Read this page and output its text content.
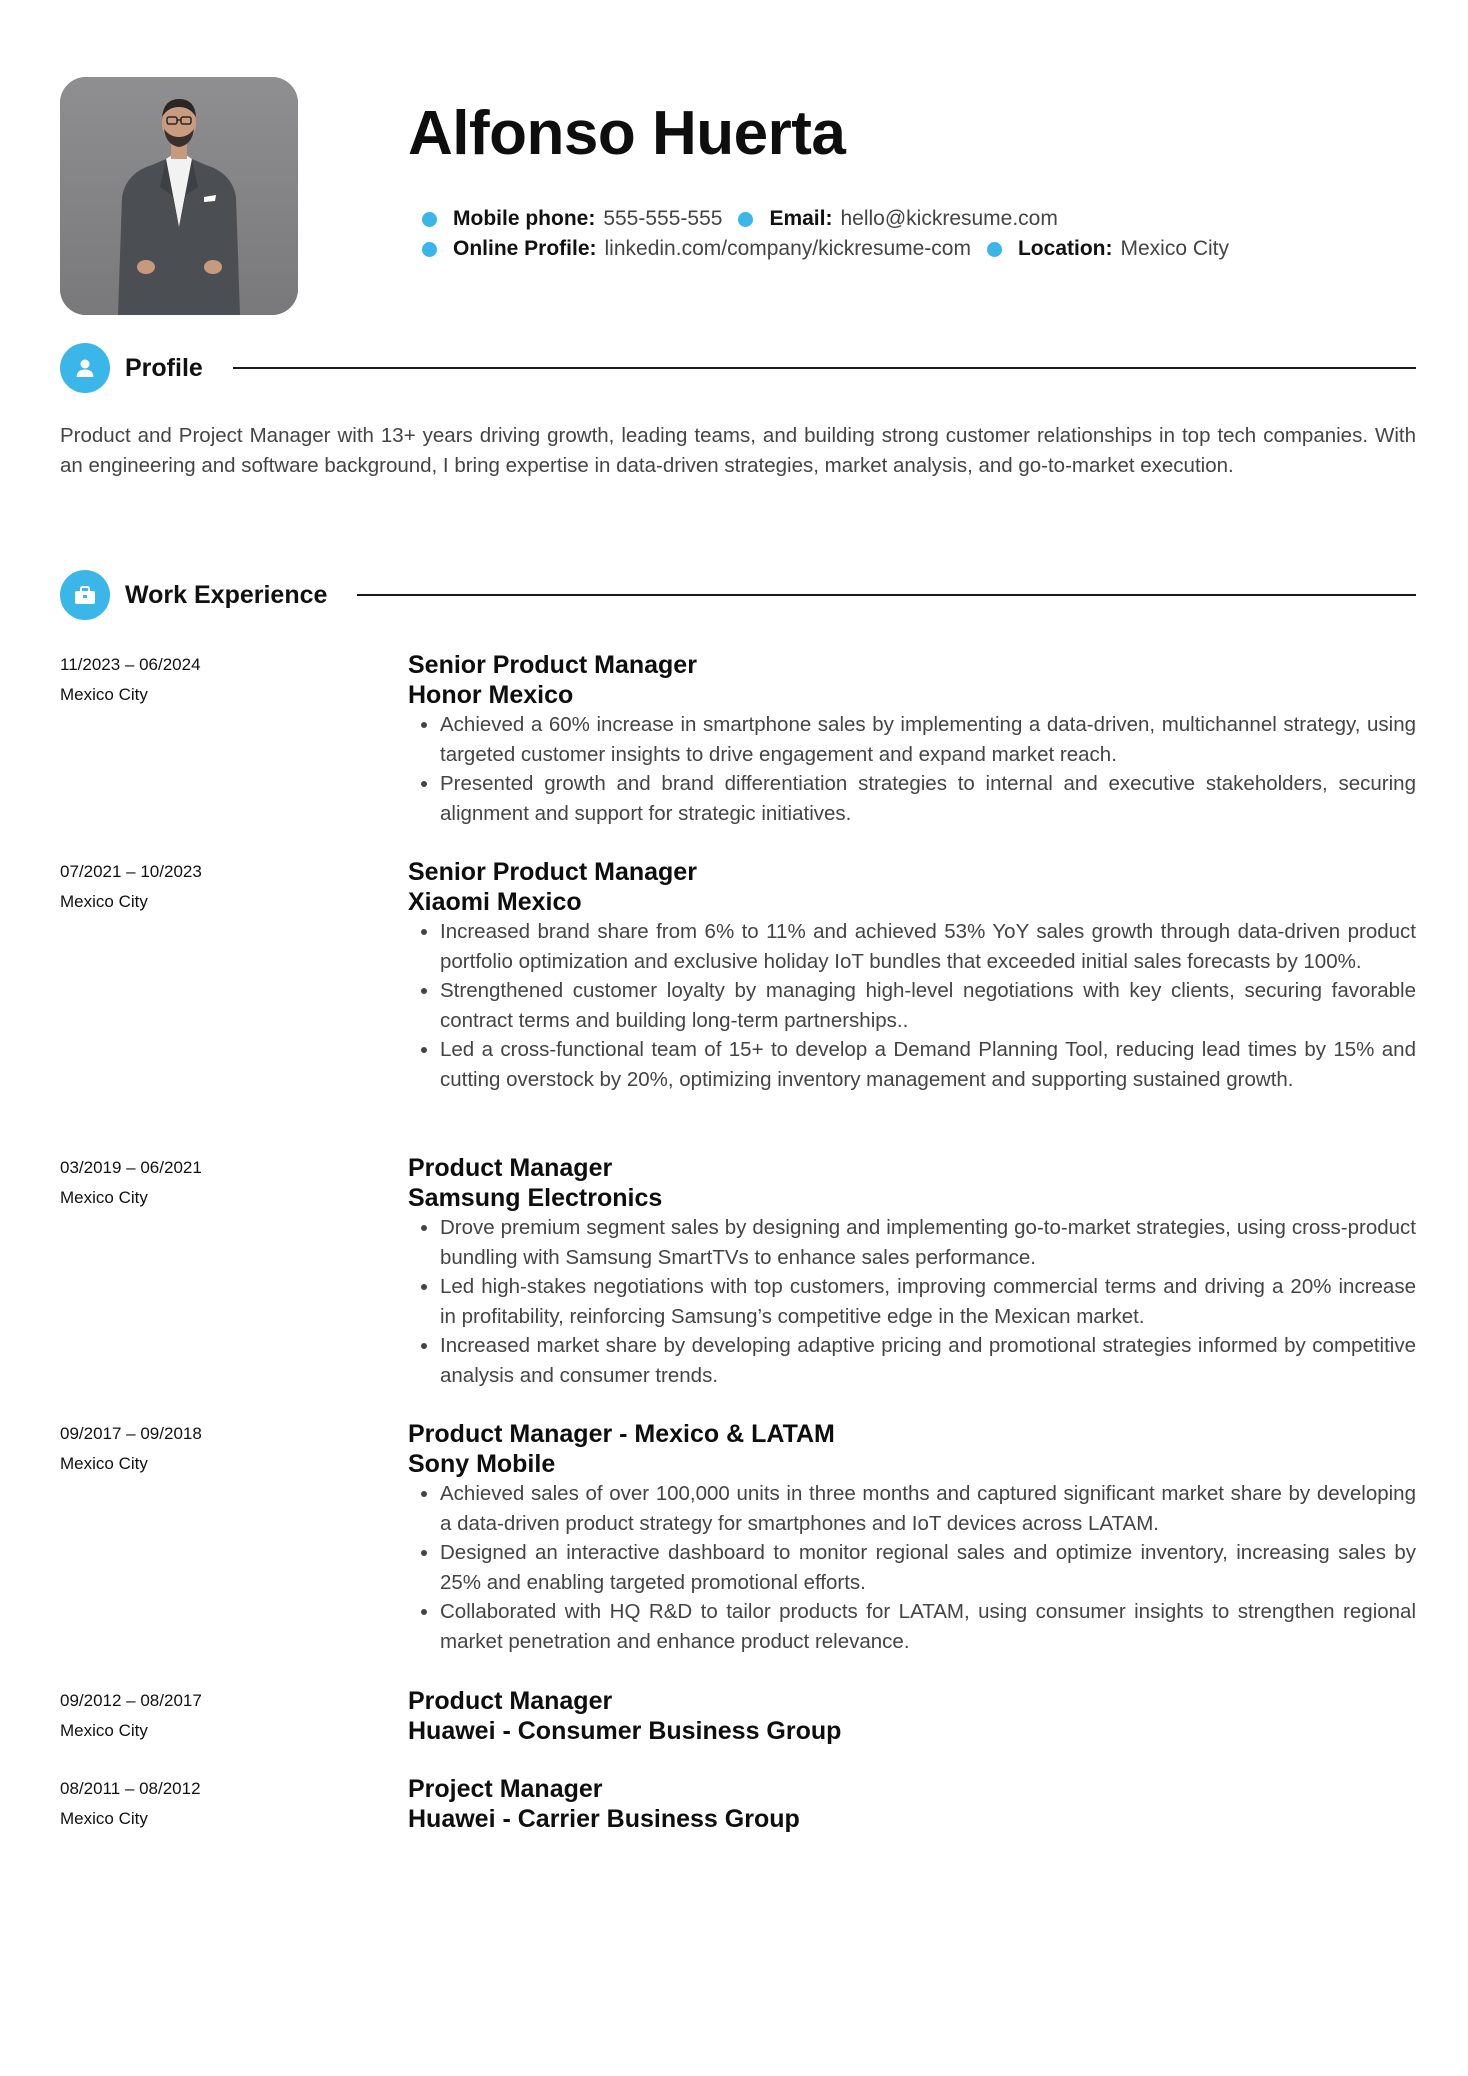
Alfonso Huerta
Mobile phone: 555-555-555 Email: hello@kickresume.com
Online Profile: linkedin.com/company/kickresume-com Location: Mexico City
Profile

Product and Project Manager with 13+ years driving growth, leading teams, and building strong customer relationships in top tech companies. With an engineering and software background, I bring expertise in data-driven strategies, market analysis, and go-to-market execution.

Work Experience
11/2023 – 06/2024
Mexico City
Senior Product Manager
Honor Mexico
• Achieved a 60% increase in smartphone sales by implementing a data-driven, multichannel strategy, using targeted customer insights to drive engagement and expand market reach.
• Presented growth and brand differentiation strategies to internal and executive stakeholders, securing alignment and support for strategic initiatives.
07/2021 – 10/2023
Mexico City
Senior Product Manager
Xiaomi Mexico
• Increased brand share from 6% to 11% and achieved 53% YoY sales growth through data-driven product portfolio optimization and exclusive holiday IoT bundles that exceeded initial sales forecasts by 100%.
• Strengthened customer loyalty by managing high-level negotiations with key clients, securing favorable contract terms and building long-term partnerships..
• Led a cross-functional team of 15+ to develop a Demand Planning Tool, reducing lead times by 15% and cutting overstock by 20%, optimizing inventory management and supporting sustained growth.
03/2019 – 06/2021
Mexico City
Product Manager
Samsung Electronics
• Drove premium segment sales by designing and implementing go-to-market strategies, using cross-product bundling with Samsung SmartTVs to enhance sales performance.
• Led high-stakes negotiations with top customers, improving commercial terms and driving a 20% increase in profitability, reinforcing Samsung’s competitive edge in the Mexican market.
• Increased market share by developing adaptive pricing and promotional strategies informed by competitive analysis and consumer trends.
09/2017 – 09/2018
Mexico City
Product Manager - Mexico & LATAM
Sony Mobile
• Achieved sales of over 100,000 units in three months and captured significant market share by developing a data-driven product strategy for smartphones and IoT devices across LATAM.
• Designed an interactive dashboard to monitor regional sales and optimize inventory, increasing sales by 25% and enabling targeted promotional efforts.
• Collaborated with HQ R&D to tailor products for LATAM, using consumer insights to strengthen regional market penetration and enhance product relevance.
09/2012 – 08/2017
Mexico City
Product Manager
Huawei - Consumer Business Group
08/2011 – 08/2012
Mexico City
Project Manager
Huawei - Carrier Business Group
